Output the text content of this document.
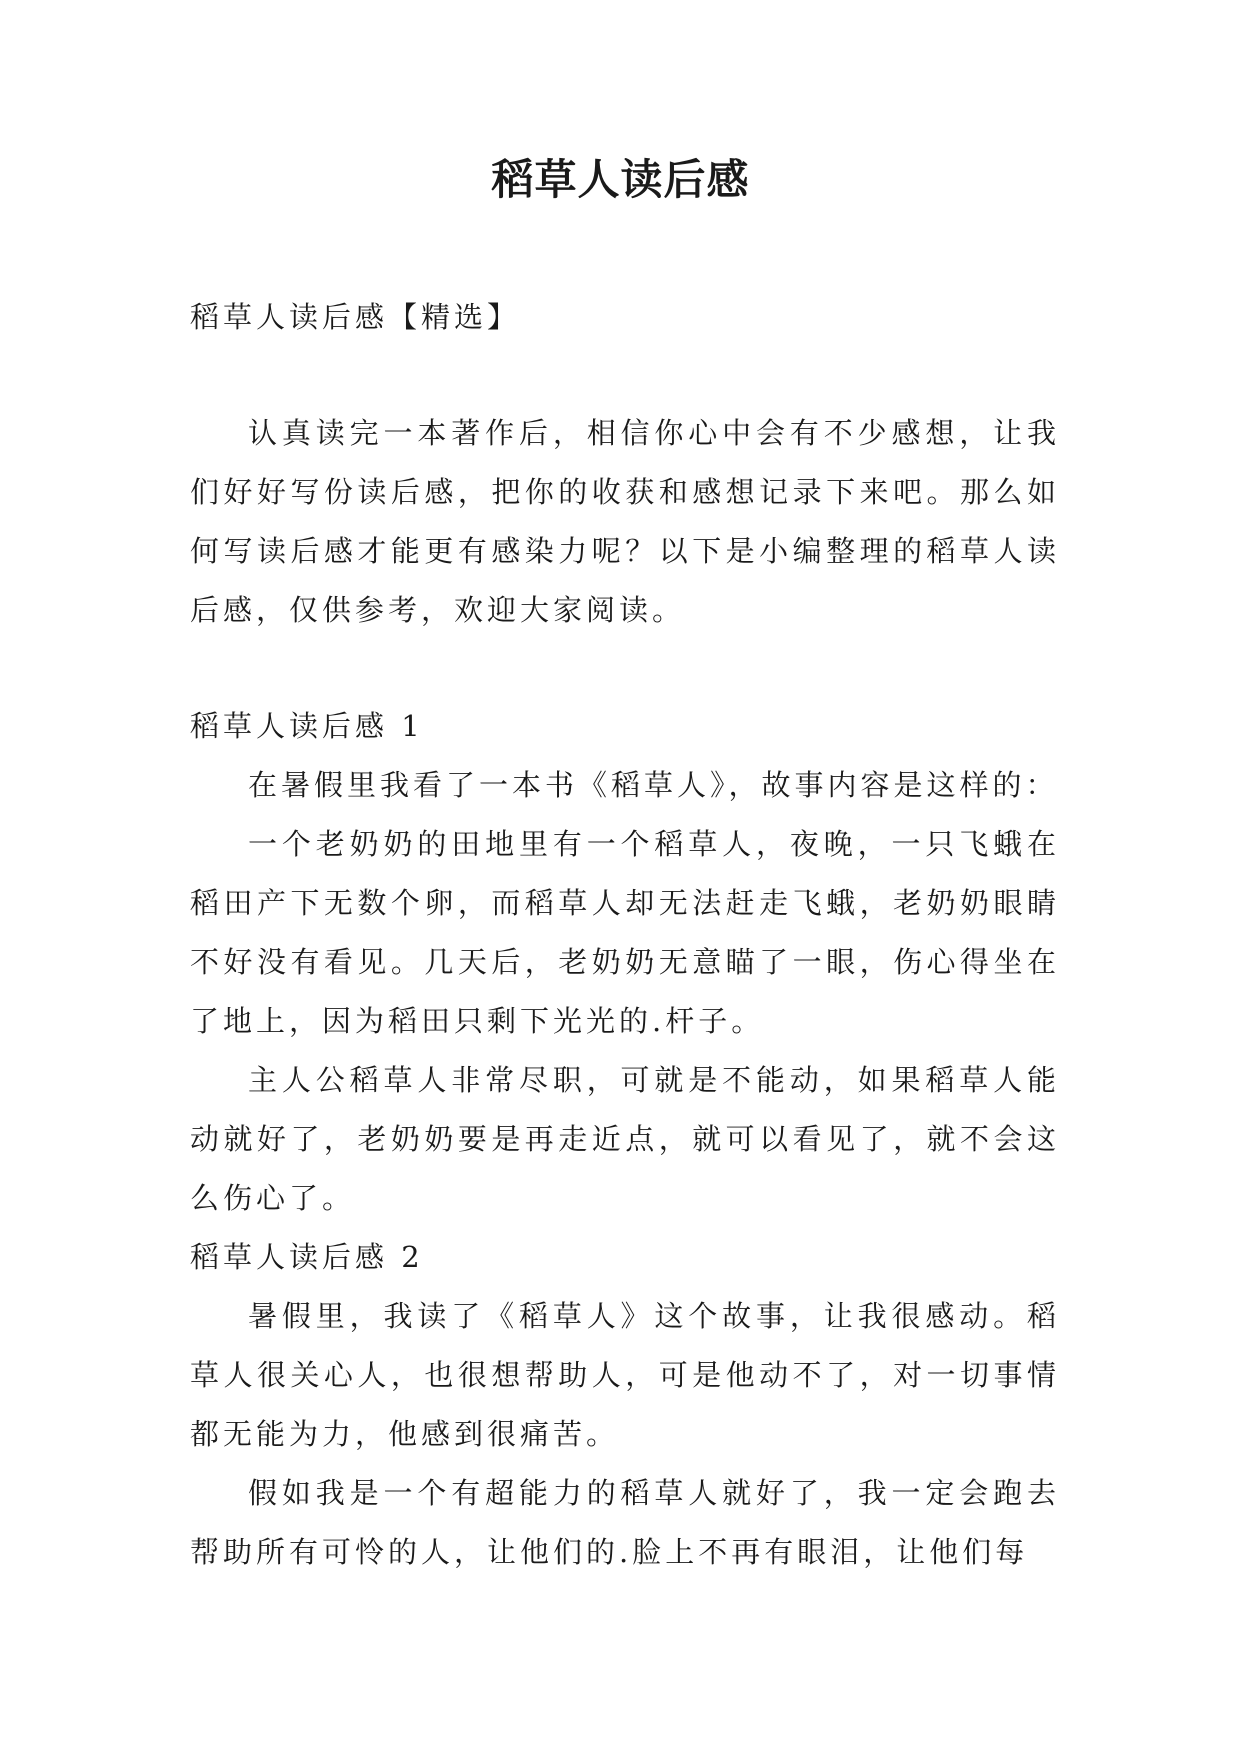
稻草人读后感

稻草人读后感【精选】

认真读完一本著作后，相信你心中会有不少感想，让我们好好写份读后感，把你的收获和感想记录下来吧。那么如何写读后感才能更有感染力呢？以下是小编整理的稻草人读后感，仅供参考，欢迎大家阅读。

稻草人读后感 1

在暑假里我看了一本书《稻草人》，故事内容是这样的：

一个老奶奶的田地里有一个稻草人，夜晚，一只飞蛾在稻田产下无数个卵，而稻草人却无法赶走飞蛾，老奶奶眼睛不好没有看见。几天后，老奶奶无意瞄了一眼，伤心得坐在了地上，因为稻田只剩下光光的.杆子。

主人公稻草人非常尽职，可就是不能动，如果稻草人能动就好了，老奶奶要是再走近点，就可以看见了，就不会这么伤心了。

稻草人读后感 2

暑假里，我读了《稻草人》这个故事，让我很感动。稻草人很关心人，也很想帮助人，可是他动不了，对一切事情都无能为力，他感到很痛苦。

假如我是一个有超能力的稻草人就好了，我一定会跑去帮助所有可怜的人，让他们的.脸上不再有眼泪，让他们每
